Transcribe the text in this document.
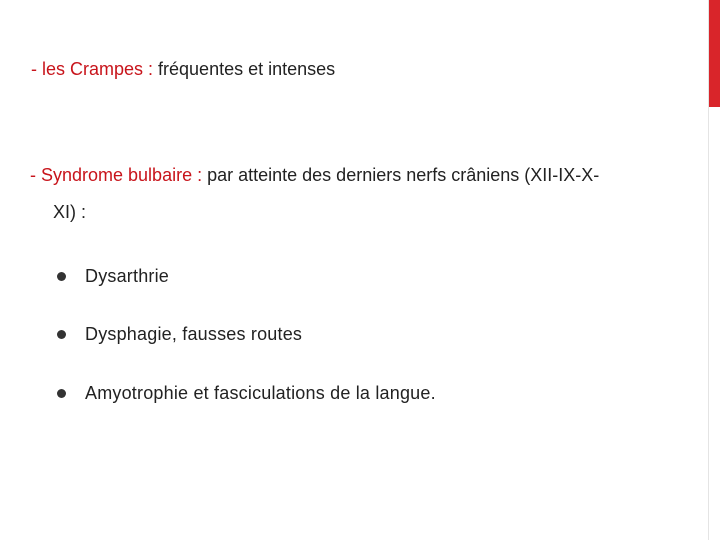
- les Crampes : fréquentes et intenses
- Syndrome bulbaire : par atteinte des derniers nerfs crâniens (XII-IX-X-
XI) :
Dysarthrie
Dysphagie, fausses routes
Amyotrophie et fasciculations de la langue.
